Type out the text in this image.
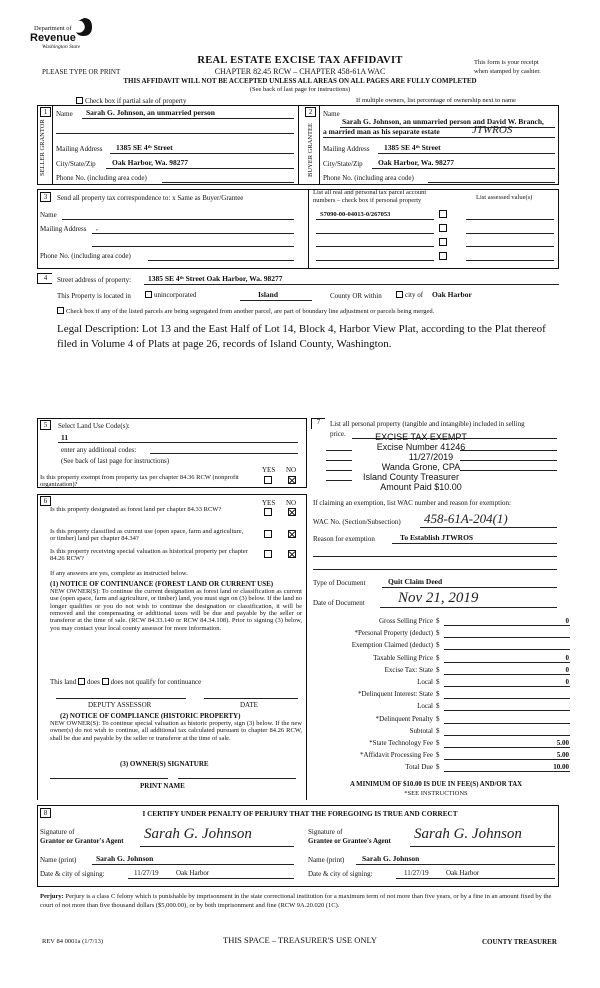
Department of
Revenue
Washington State
REAL ESTATE EXCISE TAX AFFIDAVIT
CHAPTER 82.45 RCW – CHAPTER 458-61A WAC
PLEASE TYPE OR PRINT
This form is your receipt
when stamped by cashier.
THIS AFFIDAVIT WILL NOT BE ACCEPTED UNLESS ALL AREAS ON ALL PAGES ARE FULLY COMPLETED
(See back of last page for instructions)
Check box if partial sale of property	If multiple owners, list percentage of ownership next to name
1	2
SELLER GRANTOR	BUYER GRANTEE
Name Sarah G. Johnson, an unmarried person
Mailing Address 1385 SE 4ᵗʰ Street
City/State/Zip Oak Harbor, Wa. 98277
Phone No. (including area code)
Name
Sarah G. Johnson, an unmarried person and David W. Branch,
a married man as his separate estate	JTWROS
Mailing Address 1385 SE 4ᵗʰ Street
City/State/Zip Oak Harbor, Wa. 98277
Phone No. (including area code)
3	Send all property tax correspondence to: x Same as Buyer/Grantee
Name
Mailing Address ,
Phone No. (including area code)
List all real and personal tax parcel account
numbers – check box if personal property	List assessed value(s)
S7090-00-04013-0/267053
4	Street address of property: 1385 SE 4ᵗʰ Street Oak Harbor, Wa. 98277
This Property is located in	unincorporated	Island	County OR within	city of Oak Harbor
Check box if any of the listed parcels are being segregated from another parcel, are part of boundary line adjustment or parcels being merged.
Legal Description: Lot 13 and the East Half of Lot 14, Block 4, Harbor View Plat, according to the Plat thereof filed in Volume 4 of Plats at page 26, records of Island County, Washington.
5	Select Land Use Code(s):
11
enter any additional codes:
(See back of last page for instructions)
YES NO
Is this property exempt from property tax per chapter 84.36 RCW (nonprofit organization)?
6	YES NO
Is this property designated as forest land per chapter 84.33 RCW?
Is this property classified as current use (open space, farm and agriculture, or timber) land per chapter 84.34?
Is this property receiving special valuation as historical property per chapter 84.26 RCW?
If any answers are yes, complete as instructed below.
(1) NOTICE OF CONTINUANCE (FOREST LAND OR CURRENT USE)
NEW OWNER(S): To continue the current designation as forest land or classification as current use (open space, farm and agriculture, or timber) land, you must sign on (3) below. If the land no longer qualifies or you do not wish to continue the designation or classification, it will be removed and the compensating or additional taxes will be due and payable by the seller or transferor at the time of sale. (RCW 84.33.140 or RCW 84.34.108). Prior to signing (3) below, you may contact your local county assessor for more information.
This land does does not qualify for continuance
DEPUTY ASSESSOR	DATE
(2) NOTICE OF COMPLIANCE (HISTORIC PROPERTY)
NEW OWNER(S): To continue special valuation as historic property, sign (3) below. If the new owner(s) do not wish to continue, all additional tax calculated pursuant to chapter 84.26 RCW, shall be due and payable by the seller or transferor at the time of sale.
(3) OWNER(S) SIGNATURE
PRINT NAME
7	List all personal property (tangible and intangible) included in selling
price.	EXCISE TAX EXEMPT
Excise Number 41246
11/27/2019
Wanda Grone, CPA
Island County Treasurer
Amount Paid $10.00
If claiming an exemption, list WAC number and reason for exemption:
WAC No. (Section/Subsection) 458-61A-204(1)
Reason for exemption	To Establish JTWROS
Type of Document	Quit Claim Deed
Date of Document Nov 21, 2019
Gross Selling Price $	0
*Personal Property (deduct) $
Exemption Claimed (deduct) $
Taxable Selling Price $	0
Excise Tax: State $	0
Local $	0
*Delinquent Interest: State $
Local $
*Delinquent Penalty $
Subtotal $
*State Technology Fee $	5.00
*Affidavit Processing Fee $	5.00
Total Due $	10.00
A MINIMUM OF $10.00 IS DUE IN FEE(S) AND/OR TAX
*SEE INSTRUCTIONS
8	I CERTIFY UNDER PENALTY OF PERJURY THAT THE FOREGOING IS TRUE AND CORRECT
Signature of
Grantor or Grantor's Agent Sarah G. Johnson
Name (print)	Sarah G. Johnson
Date & city of signing:	11/27/19 Oak Harbor
Signature of
Grantee or Grantee's Agent Sarah G. Johnson
Name (print) Sarah G. Johnson
Date & city of signing:	11/27/19 Oak Harbor
Perjury: Perjury is a class C felony which is punishable by imprisonment in the state correctional institution for a maximum term of not more than five years, or by a fine in an amount fixed by the court of not more than five thousand dollars ($5,000.00), or by both imprisonment and fine (RCW 9A.20.020 (1C).
REV 84 0001a (1/7/13)	THIS SPACE – TREASURER'S USE ONLY	COUNTY TREASURER
